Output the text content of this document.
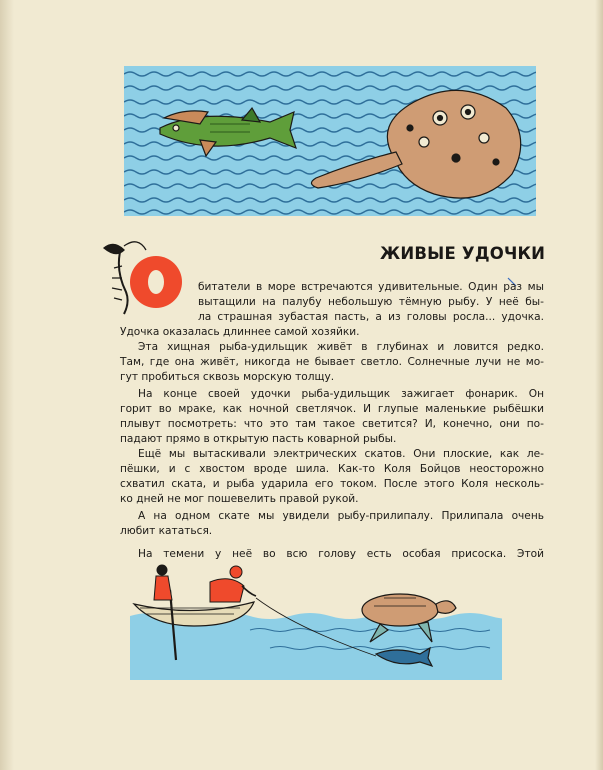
ЖИВЫЕ УДОЧКИ
битатели в море встречаются удивительные. Один раз мы
вытащили на палубу небольшую тёмную рыбу. У неё бы-
ла страшная зубастая пасть, а из головы росла... удочка.
Удочка оказалась длиннее самой хозяйки.
Эта хищная рыба-удильщик живёт в глубинах и ловится редко.
Там, где она живёт, никогда не бывает светло. Солнечные лучи не мо-
гут пробиться сквозь морскую толщу.
На конце своей удочки рыба-удильщик зажигает фонарик. Он
горит во мраке, как ночной светлячок. И глупые маленькие рыбёшки
плывут посмотреть: что это там такое светится? И, конечно, они по-
падают прямо в открытую пасть коварной рыбы.
Ещё мы вытаскивали электрических скатов. Они плоские, как ле-
пёшки, и с хвостом вроде шила. Как-то Коля Бойцов неосторожно
схватил ската, и рыба ударила его током. После этого Коля несколь-
ко дней не мог пошевелить правой рукой.
А на одном скате мы увидели рыбу-прилипалу. Прилипала очень
любит кататься.
На темени у неё во всю голову есть особая присоска. Этой
